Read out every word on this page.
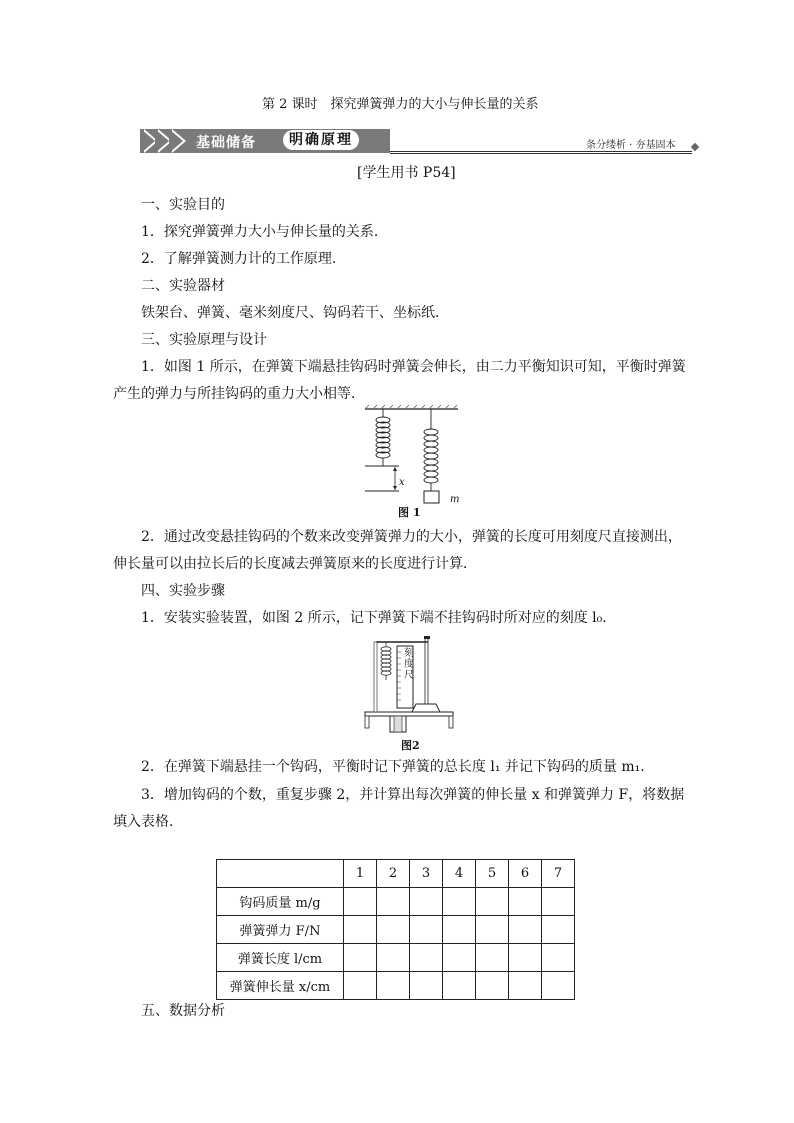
第 2 课时　探究弹簧弹力的大小与伸长量的关系
基础储备	明确原理	条分缕析 · 夯基固本
[学生用书 P54]
一、实验目的
1．探究弹簧弹力大小与伸长量的关系．
2．了解弹簧测力计的工作原理．
二、实验器材
铁架台、弹簧、毫米刻度尺、钩码若干、坐标纸．
三、实验原理与设计
1．如图 1 所示，在弹簧下端悬挂钩码时弹簧会伸长，由二力平衡知识可知，平衡时弹簧
产生的弹力与所挂钩码的重力大小相等．
x
m
图 1
2．通过改变悬挂钩码的个数来改变弹簧弹力的大小，弹簧的长度可用刻度尺直接测出，
伸长量可以由拉长后的长度减去弹簧原来的长度进行计算．
四、实验步骤
1．安装实验装置，如图 2 所示，记下弹簧下端不挂钩码时所对应的刻度 l₀.
刻
度
尺
图2
2．在弹簧下端悬挂一个钩码，平衡时记下弹簧的总长度 l₁ 并记下钩码的质量 m₁.
3．增加钩码的个数，重复步骤 2，并计算出每次弹簧的伸长量 x 和弹簧弹力 F，将数据
填入表格．
	1	2	3	4	5	6	7
钩码质量 m/g							
弹簧弹力 F/N							
弹簧长度 l/cm							
弹簧伸长量 x/cm							
五、数据分析
